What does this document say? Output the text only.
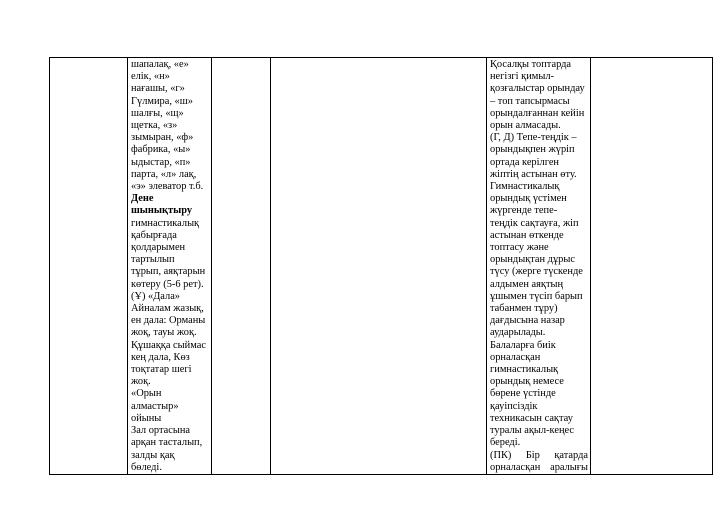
шапалақ, «е»
елік, «н»
нағашы, «г»
Гүлмира, «ш»
шалғы, «щ»
щетка, «з»
зымыран, «ф»
фабрика, «ы»
ыдыстар, «п»
парта, «л» лақ,
«э» элеватор т.б.
Дене
шынықтыру
гимнастикалық
қабырғада
қолдарымен
тартылып
тұрып, аяқтарын
көтеру (5-6 рет).
(Ұ) «Дала»
Айналам жазық,
ен дала: Орманы
жоқ, тауы жоқ.
Құшаққа сыймас
кең дала, Көз
тоқтатар шегі
жоқ.
«Орын
алмастыр»
ойыны
Зал ортасына
арқан тасталып,
залды қақ
бөледі.

Қосалқы топтарда
негізгі қимыл-
қозғалыстар орындау
– топ тапсырмасы
орындалғаннан кейін
орын алмасады.
(Г, Д) Тепе-теңдік –
орындықпен жүріп
ортада керілген
жіптің астынан өту.
Гимнастикалық
орындық үстімен
жүргенде тепе-
теңдік сақтауға, жіп
астынан өткенде
топтасу және
орындықтан дұрыс
түсу (жерге түскенде
алдымен аяқтың
ұшымен түсіп барып
табанмен тұру)
дағдысына назар
аударылады.
Балаларға биік
орналасқан
гимнастикалық
орындық немесе
бөрене үстінде
қауіпсіздік
техникасын сақтау
туралы ақыл-кеңес
береді.
(ПК) Бір қатарда
орналасқан аралығы
